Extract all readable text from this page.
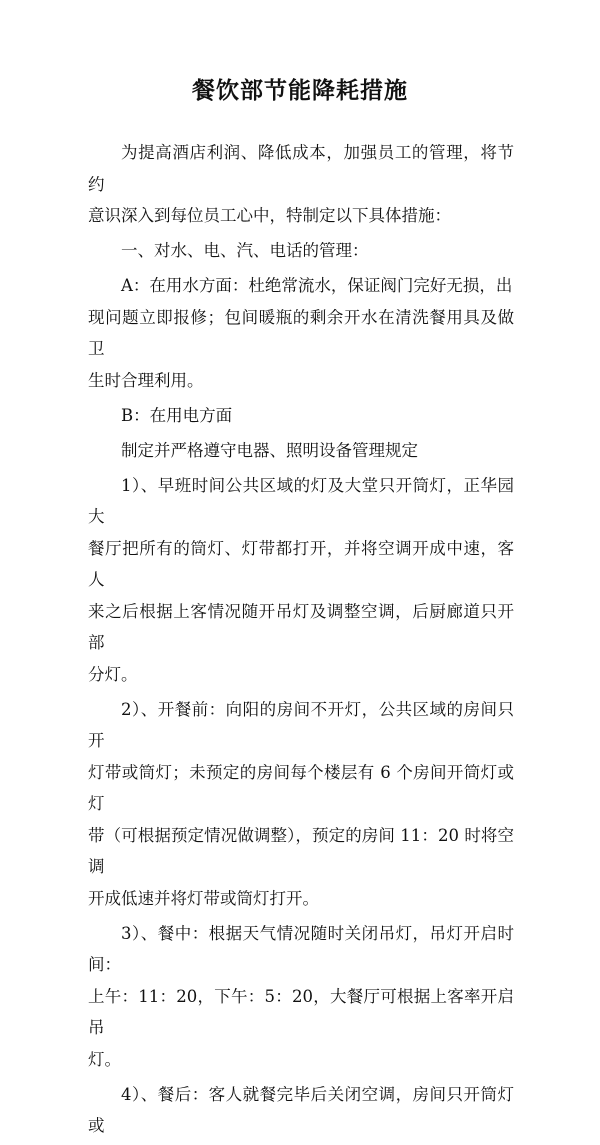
餐饮部节能降耗措施

为提高酒店利润、降低成本，加强员工的管理，将节约
意识深入到每位员工心中，特制定以下具体措施：

一、对水、电、汽、电话的管理：

A：在用水方面：杜绝常流水，保证阀门完好无损，出
现问题立即报修；包间暖瓶的剩余开水在清洗餐用具及做卫
生时合理利用。

B：在用电方面

制定并严格遵守电器、照明设备管理规定

1）、早班时间公共区域的灯及大堂只开筒灯，正华园大
餐厅把所有的筒灯、灯带都打开，并将空调开成中速，客人
来之后根据上客情况随开吊灯及调整空调，后厨廊道只开部
分灯。

2）、开餐前：向阳的房间不开灯，公共区域的房间只开
灯带或筒灯；未预定的房间每个楼层有 6 个房间开筒灯或灯
带（可根据预定情况做调整），预定的房间 11：20 时将空调
开成低速并将灯带或筒灯打开。

3）、餐中：根据天气情况随时关闭吊灯，吊灯开启时间：
上午：11：20，下午：5：20，大餐厅可根据上客率开启吊
灯。

4）、餐后：客人就餐完毕后关闭空调，房间只开筒灯或
